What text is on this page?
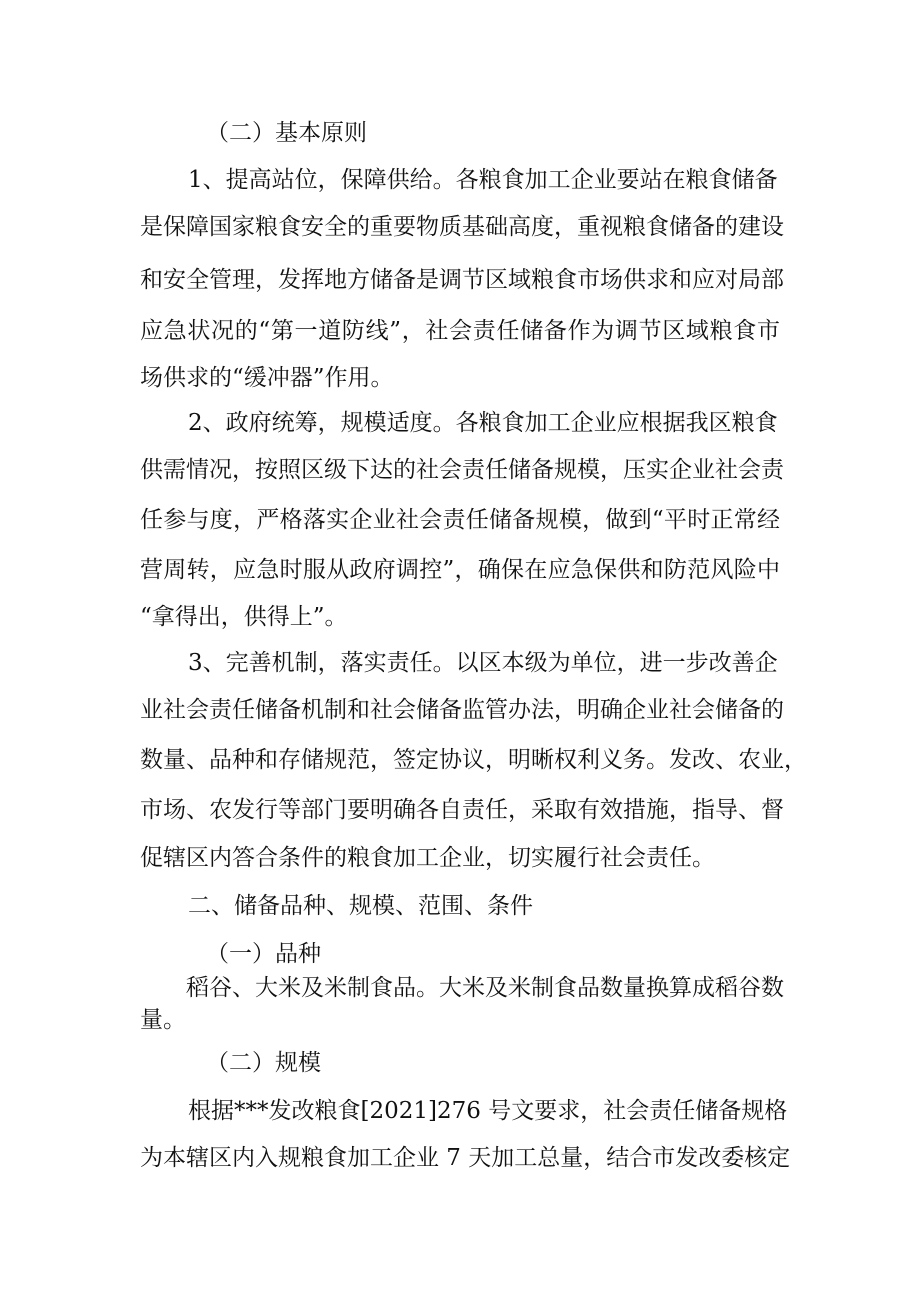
（二）基本原则
1、提高站位，保障供给。各粮食加工企业要站在粮食储备
是保障国家粮食安全的重要物质基础高度，重视粮食储备的建设
和安全管理，发挥地方储备是调节区域粮食市场供求和应对局部
应急状况的“第一道防线”，社会责任储备作为调节区域粮食市
场供求的“缓冲器”作用。
2、政府统筹，规模适度。各粮食加工企业应根据我区粮食
供需情况，按照区级下达的社会责任储备规模，压实企业社会责
任参与度，严格落实企业社会责任储备规模，做到“平时正常经
营周转，应急时服从政府调控”，确保在应急保供和防范风险中
“拿得出，供得上”。
3、完善机制，落实责任。以区本级为单位，进一步改善企
业社会责任储备机制和社会储备监管办法，明确企业社会储备的
数量、品种和存储规范，签定协议，明晰权利义务。发改、农业，
市场、农发行等部门要明确各自责任，采取有效措施，指导、督
促辖区内答合条件的粮食加工企业，切实履行社会责任。
二、储备品种、规模、范围、条件
（一）品种
稻谷、大米及米制食品。大米及米制食品数量换算成稻谷数
量。
（二）规模
根据***发改粮食[2021]276 号文要求，社会责任储备规格
为本辖区内入规粮食加工企业 7 天加工总量，结合市发改委核定
